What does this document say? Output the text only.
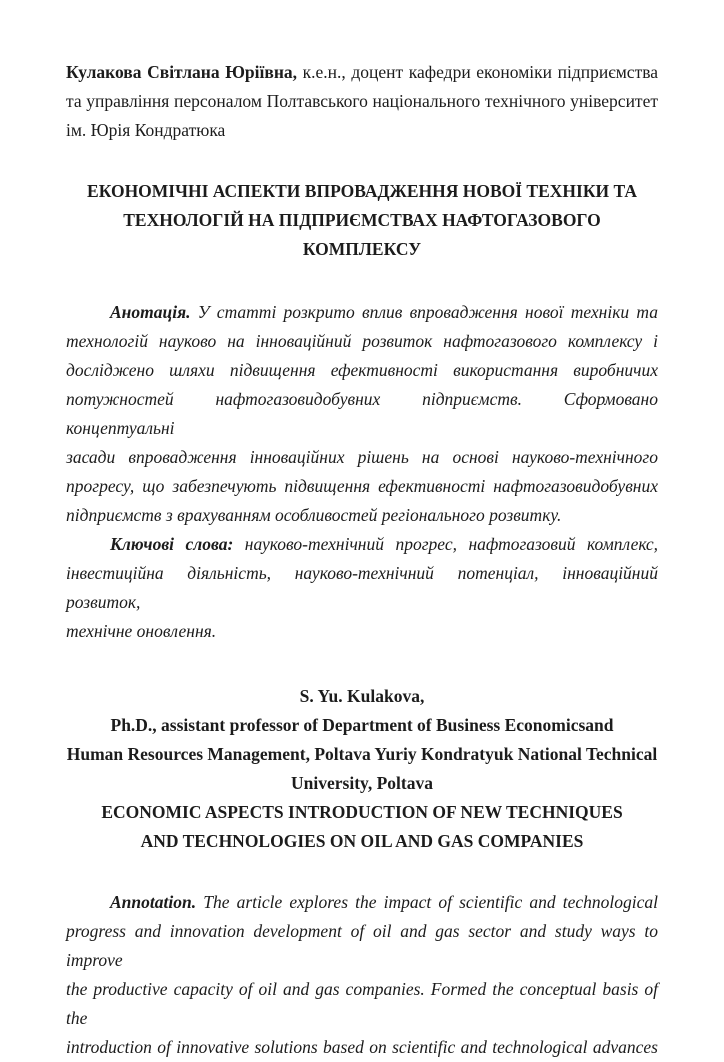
Кулакова Світлана Юріївна, к.е.н., доцент кафедри економіки підприємства
та управління персоналом Полтавського національного технічного університет
ім. Юрія Кондратюка
ЕКОНОМІЧНІ АСПЕКТИ ВПРОВАДЖЕННЯ НОВОЇ ТЕХНІКИ ТА
ТЕХНОЛОГІЙ НА ПІДПРИЄМСТВАХ НАФТОГАЗОВОГО
КОМПЛЕКСУ
Анотація. У статті розкрито вплив впровадження нової техніки та
технологій науково на інноваційний розвиток нафтогазового комплексу і
досліджено шляхи підвищення ефективності використання виробничих
потужностей нафтогазовидобувних підприємств. Сформовано концептуальні
засади впровадження інноваційних рішень на основі науково-технічного
прогресу, що забезпечують підвищення ефективності нафтогазовидобувних
підприємств з врахуванням особливостей регіонального розвитку.
Ключові слова: науково-технічний прогрес, нафтогазовий комплекс,
інвестиційна діяльність, науково-технічний потенціал, інноваційний розвиток,
технічне оновлення.
S. Yu. Kulakova,
Ph.D., assistant professor of Department of Business Economicsand
Human Resources Management, Poltava Yuriy Kondratyuk National Technical
University, Poltava
ECONOMIC ASPECTS INTRODUCTION OF NEW TECHNIQUES
AND TECHNOLOGIES ON OIL AND GAS COMPANIES
Annotation. The article explores the impact of scientific and technological
progress and innovation development of oil and gas sector and study ways to improve
the productive capacity of oil and gas companies. Formed the conceptual basis of the
introduction of innovative solutions based on scientific and technological advances
